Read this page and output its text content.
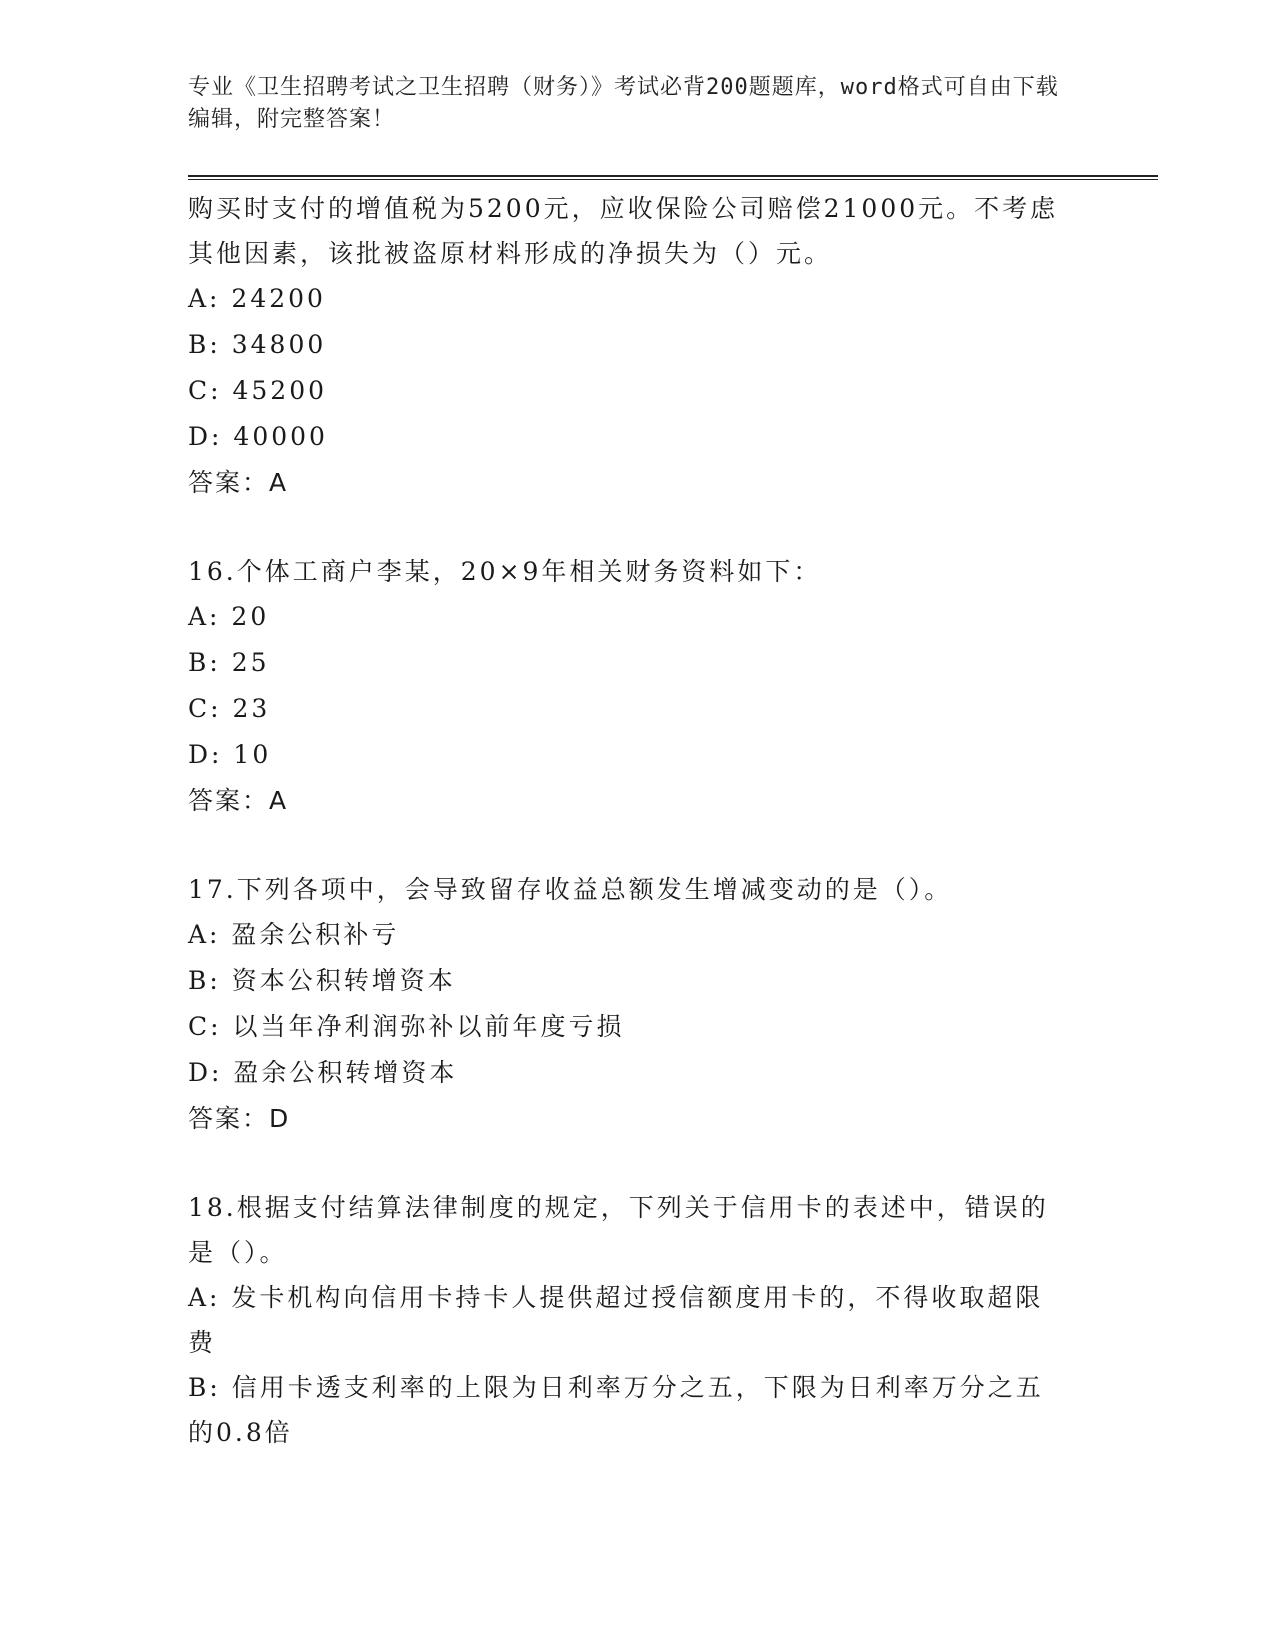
专业《卫生招聘考试之卫生招聘（财务）》考试必背200题题库，word格式可自由下载编辑，附完整答案！
购买时支付的增值税为5200元，应收保险公司赔偿21000元。不考虑其他因素，该批被盗原材料形成的净损失为（）元。
A: 24200
B: 34800
C: 45200
D: 40000
答案：A
16.个体工商户李某，20×9年相关财务资料如下：
A: 20
B: 25
C: 23
D: 10
答案：A
17.下列各项中，会导致留存收益总额发生增减变动的是（）。
A: 盈余公积补亏
B: 资本公积转增资本
C: 以当年净利润弥补以前年度亏损
D: 盈余公积转增资本
答案：D
18.根据支付结算法律制度的规定，下列关于信用卡的表述中，错误的是（）。
A: 发卡机构向信用卡持卡人提供超过授信额度用卡的，不得收取超限费
B: 信用卡透支利率的上限为日利率万分之五，下限为日利率万分之五的0.8倍
